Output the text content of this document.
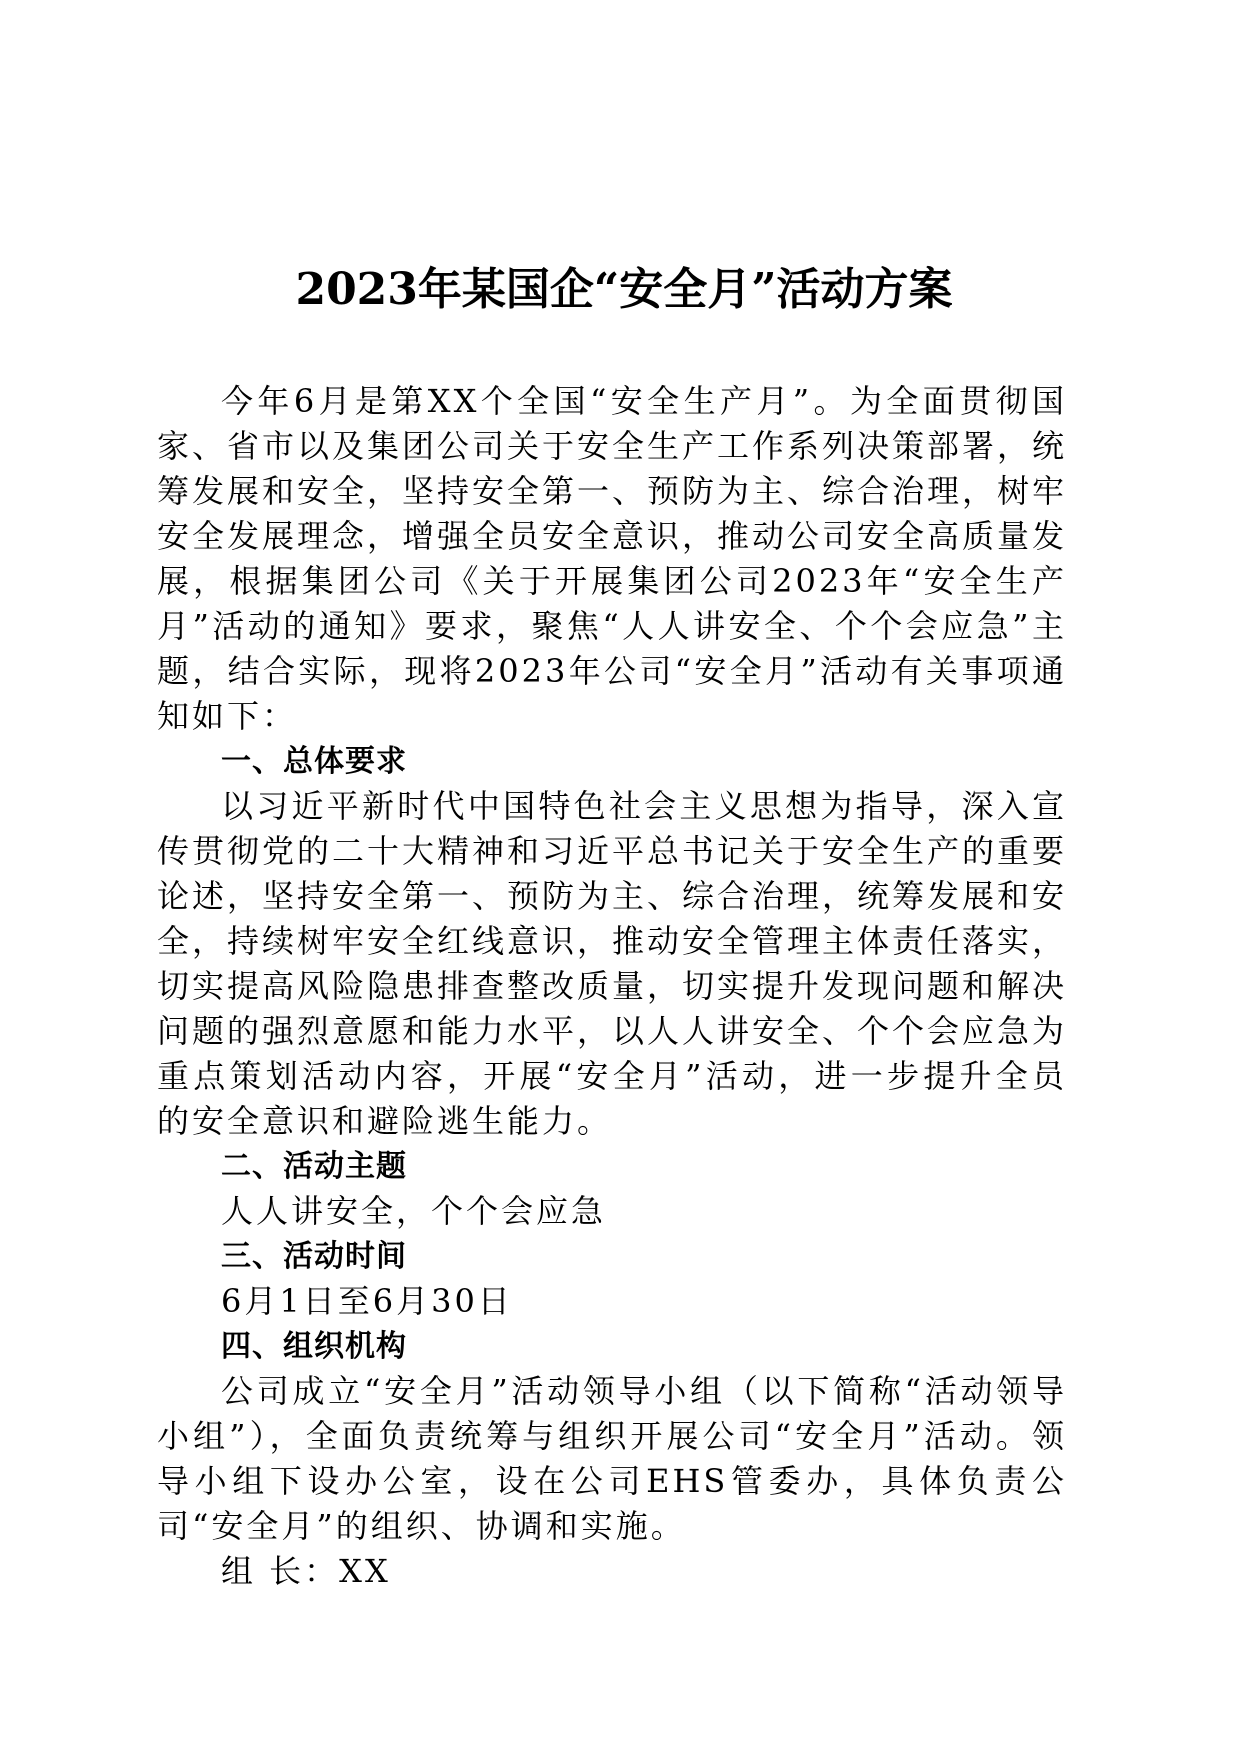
2023年某国企“安全月”活动方案

今年6月是第XX个全国“安全生产月”。为全面贯彻国家、省市以及集团公司关于安全生产工作系列决策部署，统筹发展和安全，坚持安全第一、预防为主、综合治理，树牢安全发展理念，增强全员安全意识，推动公司安全高质量发展，根据集团公司《关于开展集团公司2023年“安全生产月”活动的通知》要求，聚焦“人人讲安全、个个会应急”主题，结合实际，现将2023年公司“安全月”活动有关事项通知如下：

一、总体要求

以习近平新时代中国特色社会主义思想为指导，深入宣传贯彻党的二十大精神和习近平总书记关于安全生产的重要论述，坚持安全第一、预防为主、综合治理，统筹发展和安全，持续树牢安全红线意识，推动安全管理主体责任落实，切实提高风险隐患排查整改质量，切实提升发现问题和解决问题的强烈意愿和能力水平，以人人讲安全、个个会应急为重点策划活动内容，开展“安全月”活动，进一步提升全员的安全意识和避险逃生能力。

二、活动主题

人人讲安全，个个会应急

三、活动时间

6月1日至6月30日

四、组织机构

公司成立“安全月”活动领导小组（以下简称“活动领导小组”），全面负责统筹与组织开展公司“安全月”活动。领导小组下设办公室，设在公司EHS管委办，具体负责公司“安全月”的组织、协调和实施。

组 长：XX
